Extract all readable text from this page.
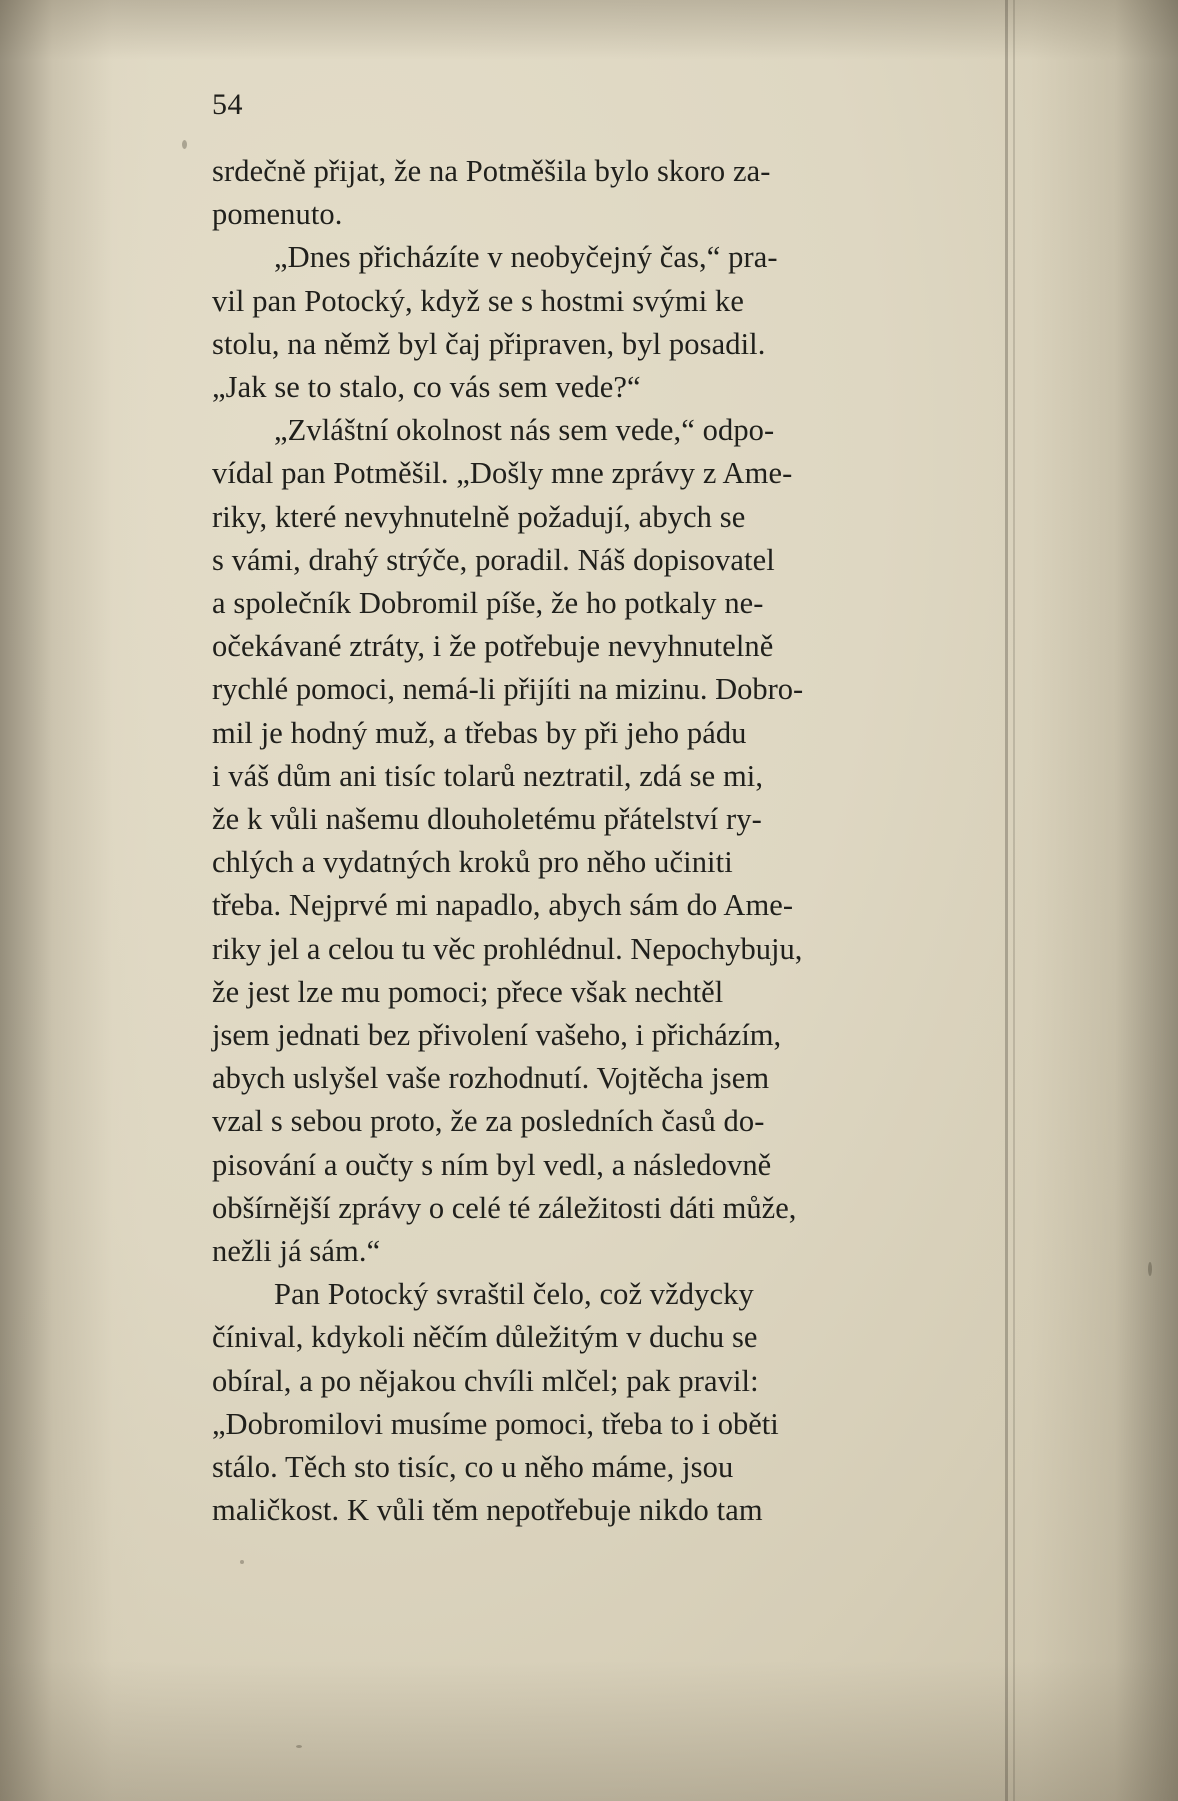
54

srdečně přijat, že na Potměšila bylo skoro za-
pomenuto.

„Dnes přicházíte v neobyčejný čas,“ pra-
vil pan Potocký, když se s hostmi svými ke
stolu, na němž byl čaj připraven, byl posadil.
„Jak se to stalo, co vás sem vede?“

„Zvláštní okolnost nás sem vede,“ odpo-
vídal pan Potměšil. „Došly mne zprávy z Ame-
riky, které nevyhnutelně požadují, abych se
s vámi, drahý strýče, poradil. Náš dopisovatel
a společník Dobromil píše, že ho potkaly ne-
očekávané ztráty, i že potřebuje nevyhnutelně
rychlé pomoci, nemá-li přijíti na mizinu. Dobro-
mil je hodný muž, a třebas by při jeho pádu
i váš dům ani tisíc tolarů neztratil, zdá se mi,
že k vůli našemu dlouholetému přátelství ry-
chlých a vydatných kroků pro něho učiniti
třeba. Nejprvé mi napadlo, abych sám do Ame-
riky jel a celou tu věc prohlédnul. Nepochybuju,
že jest lze mu pomoci; přece však nechtěl
jsem jednati bez přivolení vašeho, i přicházím,
abych uslyšel vaše rozhodnutí. Vojtěcha jsem
vzal s sebou proto, že za posledních časů do-
pisování a oučty s ním byl vedl, a následovně
obšírnější zprávy o celé té záležitosti dáti může,
nežli já sám.“

Pan Potocký svraštil čelo, což vždycky
čínival, kdykoli něčím důležitým v duchu se
obíral, a po nějakou chvíli mlčel; pak pravil:
„Dobromilovi musíme pomoci, třeba to i oběti
stálo. Těch sto tisíc, co u něho máme, jsou
maličkost. K vůli těm nepotřebuje nikdo tam
